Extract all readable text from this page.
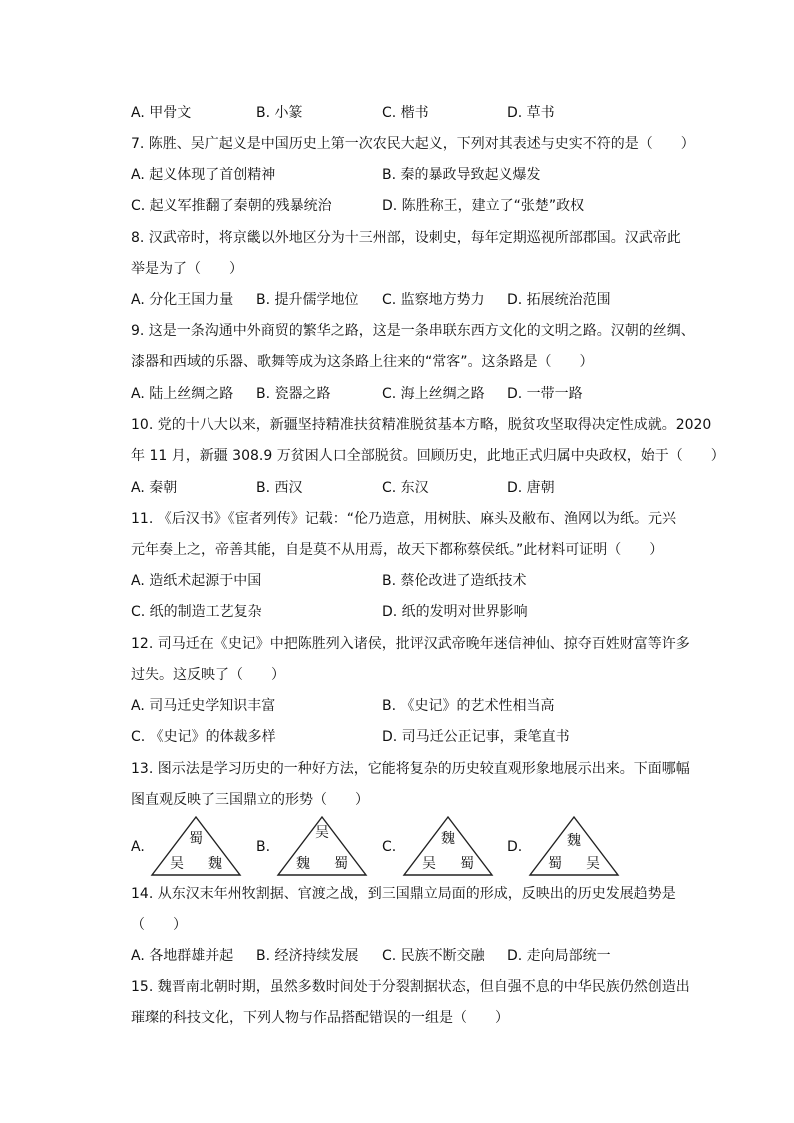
A. 甲骨文	B. 小篆	C. 楷书	D. 草书
7. 陈胜、吴广起义是中国历史上第一次农民大起义，下列对其表述与史实不符的是（　　）
A. 起义体现了首创精神	B. 秦的暴政导致起义爆发
C. 起义军推翻了秦朝的残暴统治	D. 陈胜称王，建立了“张楚”政权
8. 汉武帝时，将京畿以外地区分为十三州部，设刺史，每年定期巡视所部郡国。汉武帝此
举是为了（　　）
A. 分化王国力量 B. 提升儒学地位 C. 监察地方势力 D. 拓展统治范围
9. 这是一条沟通中外商贸的繁华之路，这是一条串联东西方文化的文明之路。汉朝的丝绸、
漆器和西域的乐器、歌舞等成为这条路上往来的“常客”。这条路是（　　）
A. 陆上丝绸之路 B. 瓷器之路	C. 海上丝绸之路 D. 一带一路
10. 党的十八大以来，新疆坚持精准扶贫精准脱贫基本方略，脱贫攻坚取得决定性成就。2020
年 11 月，新疆 308.9 万贫困人口全部脱贫。回顾历史，此地正式归属中央政权，始于（　　）
A. 秦朝	B. 西汉	C. 东汉	D. 唐朝
11. 《后汉书》《宦者列传》记载：“伦乃造意，用树肤、麻头及敝布、渔网以为纸。元兴
元年奏上之，帝善其能，自是莫不从用焉，故天下都称蔡侯纸。”此材料可证明（　　）
A. 造纸术起源于中国	B. 蔡伦改进了造纸技术
C. 纸的制造工艺复杂	D. 纸的发明对世界影响
12. 司马迁在《史记》中把陈胜列入诸侯，批评汉武帝晚年迷信神仙、掠夺百姓财富等许多
过失。这反映了（　　）
A. 司马迁史学知识丰富	B. 《史记》的艺术性相当高
C. 《史记》的体裁多样	D. 司马迁公正记事，秉笔直书
13. 图示法是学习历史的一种好方法，它能将复杂的历史较直观形象地展示出来。下面哪幅
图直观反映了三国鼎立的形势（　　）
A.	蜀
吴 魏
B.
吴
魏 蜀
C.	魏
吴 蜀
D.	魏
蜀 吴
14. 从东汉末年州牧割据、官渡之战，到三国鼎立局面的形成，反映出的历史发展趋势是
（　　）
A. 各地群雄并起 B. 经济持续发展 C. 民族不断交融 D. 走向局部统一
15. 魏晋南北朝时期，虽然多数时间处于分裂割据状态，但自强不息的中华民族仍然创造出
璀璨的科技文化，下列人物与作品搭配错误的一组是（　　）
